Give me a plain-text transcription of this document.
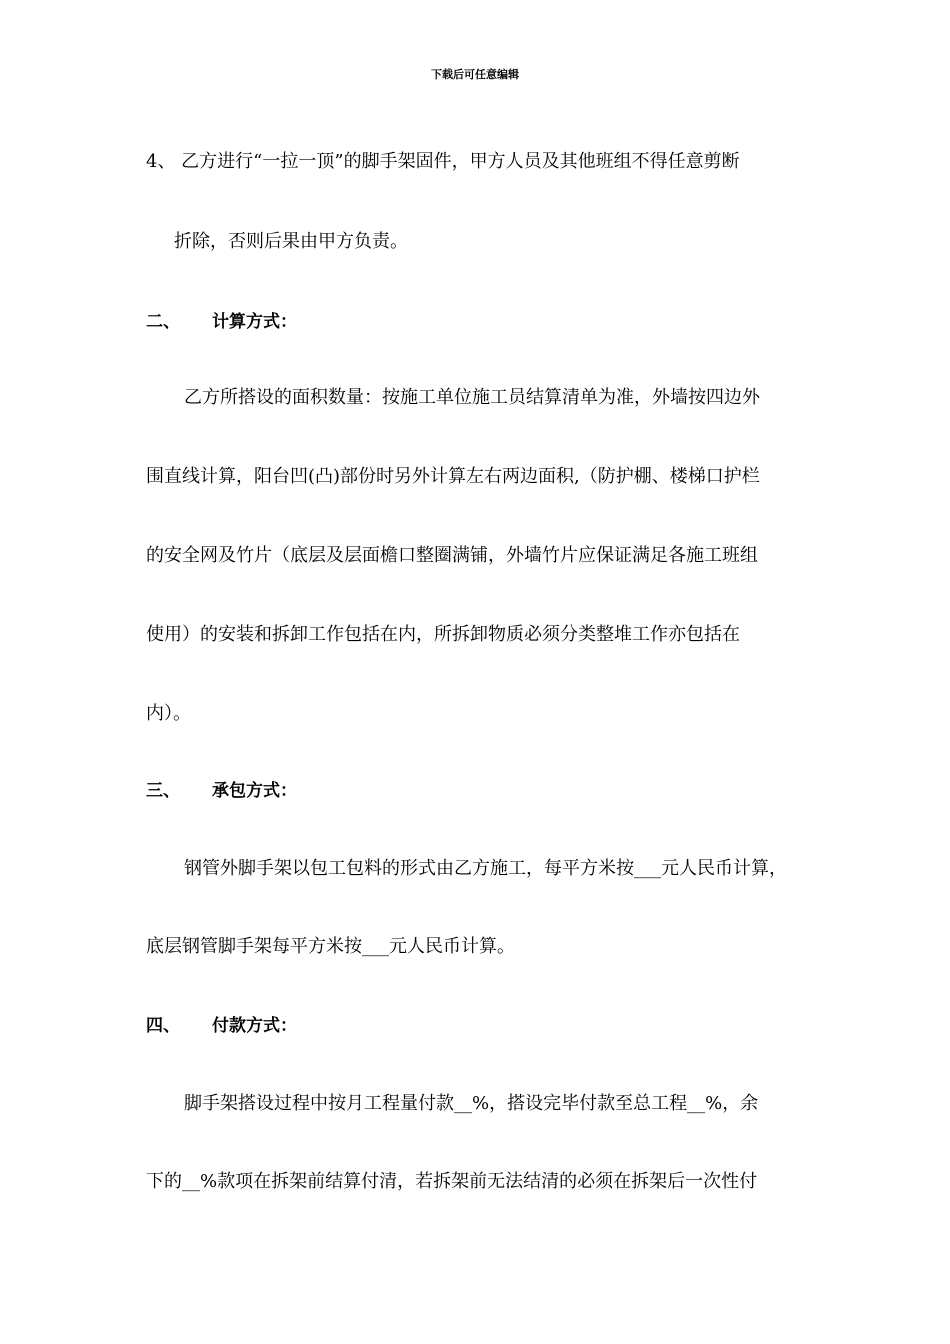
下载后可任意编辑
4、 乙方进行“一拉一顶”的脚手架固件，甲方人员及其他班组不得任意剪断
折除，否则后果由甲方负责。
二、 计算方式：
乙方所搭设的面积数量：按施工单位施工员结算清单为准，外墙按四边外
围直线计算，阳台凹(凸)部份时另外计算左右两边面积,（防护棚、楼梯口护栏
的安全网及竹片（底层及层面檐口整圈满铺，外墙竹片应保证满足各施工班组
使用）的安装和拆卸工作包括在内，所拆卸物质必须分类整堆工作亦包括在
内）。
三、 承包方式：
钢管外脚手架以包工包料的形式由乙方施工，每平方米按___元人民币计算，
底层钢管脚手架每平方米按___元人民币计算。
四、 付款方式：
脚手架搭设过程中按月工程量付款__%，搭设完毕付款至总工程__%，余
下的__%款项在拆架前结算付清，若拆架前无法结清的必须在拆架后一次性付
